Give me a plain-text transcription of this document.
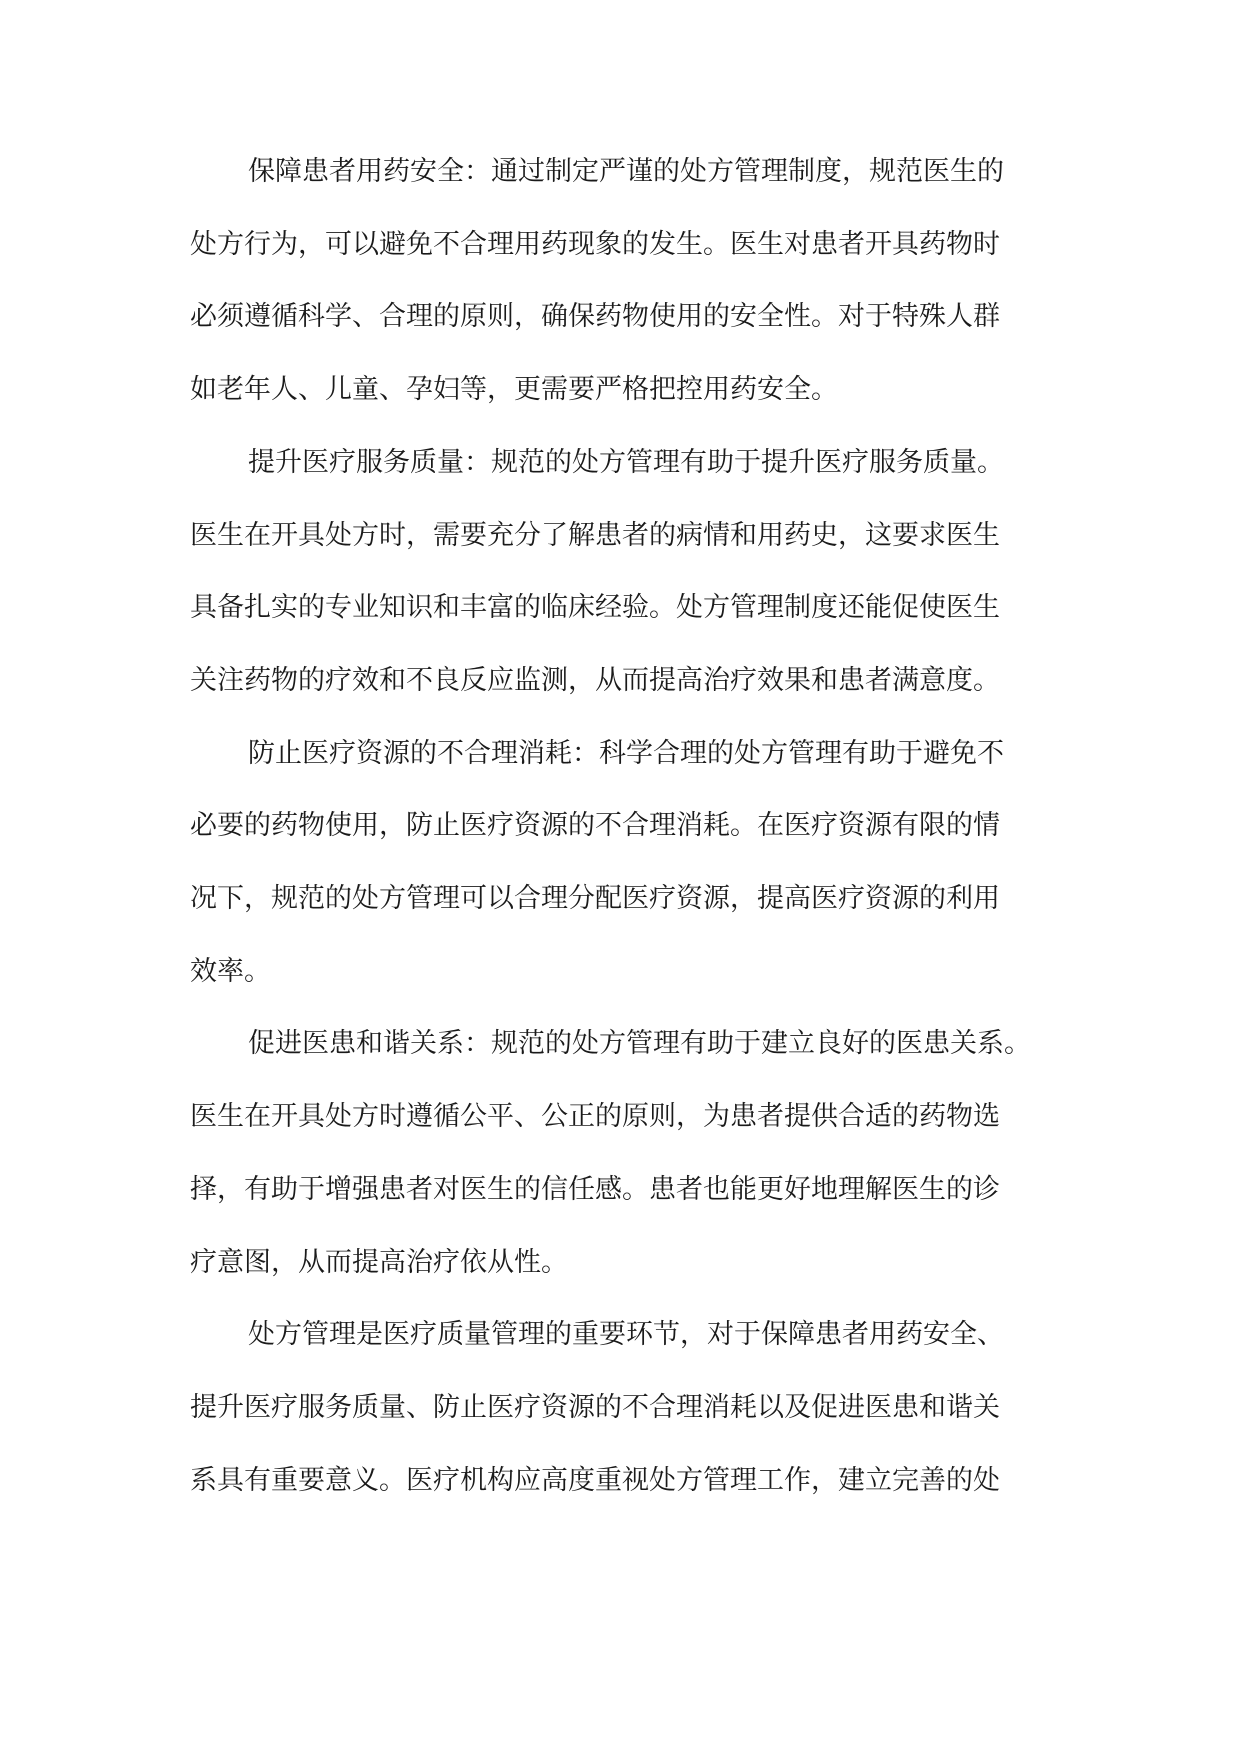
保障患者用药安全：通过制定严谨的处方管理制度，规范医生的
处方行为，可以避免不合理用药现象的发生。医生对患者开具药物时
必须遵循科学、合理的原则，确保药物使用的安全性。对于特殊人群
如老年人、儿童、孕妇等，更需要严格把控用药安全。
提升医疗服务质量：规范的处方管理有助于提升医疗服务质量。
医生在开具处方时，需要充分了解患者的病情和用药史，这要求医生
具备扎实的专业知识和丰富的临床经验。处方管理制度还能促使医生
关注药物的疗效和不良反应监测，从而提高治疗效果和患者满意度。
防止医疗资源的不合理消耗：科学合理的处方管理有助于避免不
必要的药物使用，防止医疗资源的不合理消耗。在医疗资源有限的情
况下，规范的处方管理可以合理分配医疗资源，提高医疗资源的利用
效率。
促进医患和谐关系：规范的处方管理有助于建立良好的医患关系。
医生在开具处方时遵循公平、公正的原则，为患者提供合适的药物选
择，有助于增强患者对医生的信任感。患者也能更好地理解医生的诊
疗意图，从而提高治疗依从性。
处方管理是医疗质量管理的重要环节，对于保障患者用药安全、
提升医疗服务质量、防止医疗资源的不合理消耗以及促进医患和谐关
系具有重要意义。医疗机构应高度重视处方管理工作，建立完善的处
